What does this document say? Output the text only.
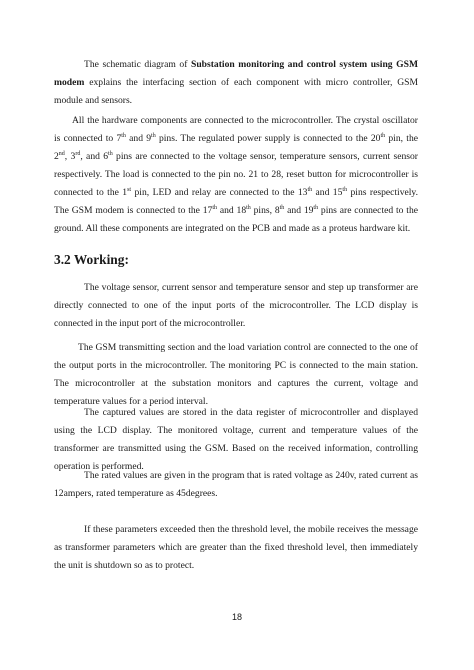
The schematic diagram of Substation monitoring and control system using GSM modem explains the interfacing section of each component with micro controller, GSM module and sensors.

All the hardware components are connected to the microcontroller. The crystal oscillator is connected to 7th and 9th pins. The regulated power supply is connected to the 20th pin, the 2nd, 3rd, and 6th pins are connected to the voltage sensor, temperature sensors, current sensor respectively. The load is connected to the pin no. 21 to 28, reset button for microcontroller is connected to the 1st pin, LED and relay are connected to the 13th and 15th pins respectively. The GSM modem is connected to the 17th and 18th pins, 8th and 19th pins are connected to the ground. All these components are integrated on the PCB and made as a proteus hardware kit.

3.2 Working:

The voltage sensor, current sensor and temperature sensor and step up transformer are directly connected to one of the input ports of the microcontroller. The LCD display is connected in the input port of the microcontroller.

The GSM transmitting section and the load variation control are connected to the one of the output ports in the microcontroller. The monitoring PC is connected to the main station. The microcontroller at the substation monitors and captures the current, voltage and temperature values for a period interval.

The captured values are stored in the data register of microcontroller and displayed using the LCD display. The monitored voltage, current and temperature values of the transformer are transmitted using the GSM. Based on the received information, controlling operation is performed.

The rated values are given in the program that is rated voltage as 240v, rated current as 12ampers, rated temperature as 45degrees.

If these parameters exceeded then the threshold level, the mobile receives the message as transformer parameters which are greater than the fixed threshold level, then immediately the unit is shutdown so as to protect.

18
